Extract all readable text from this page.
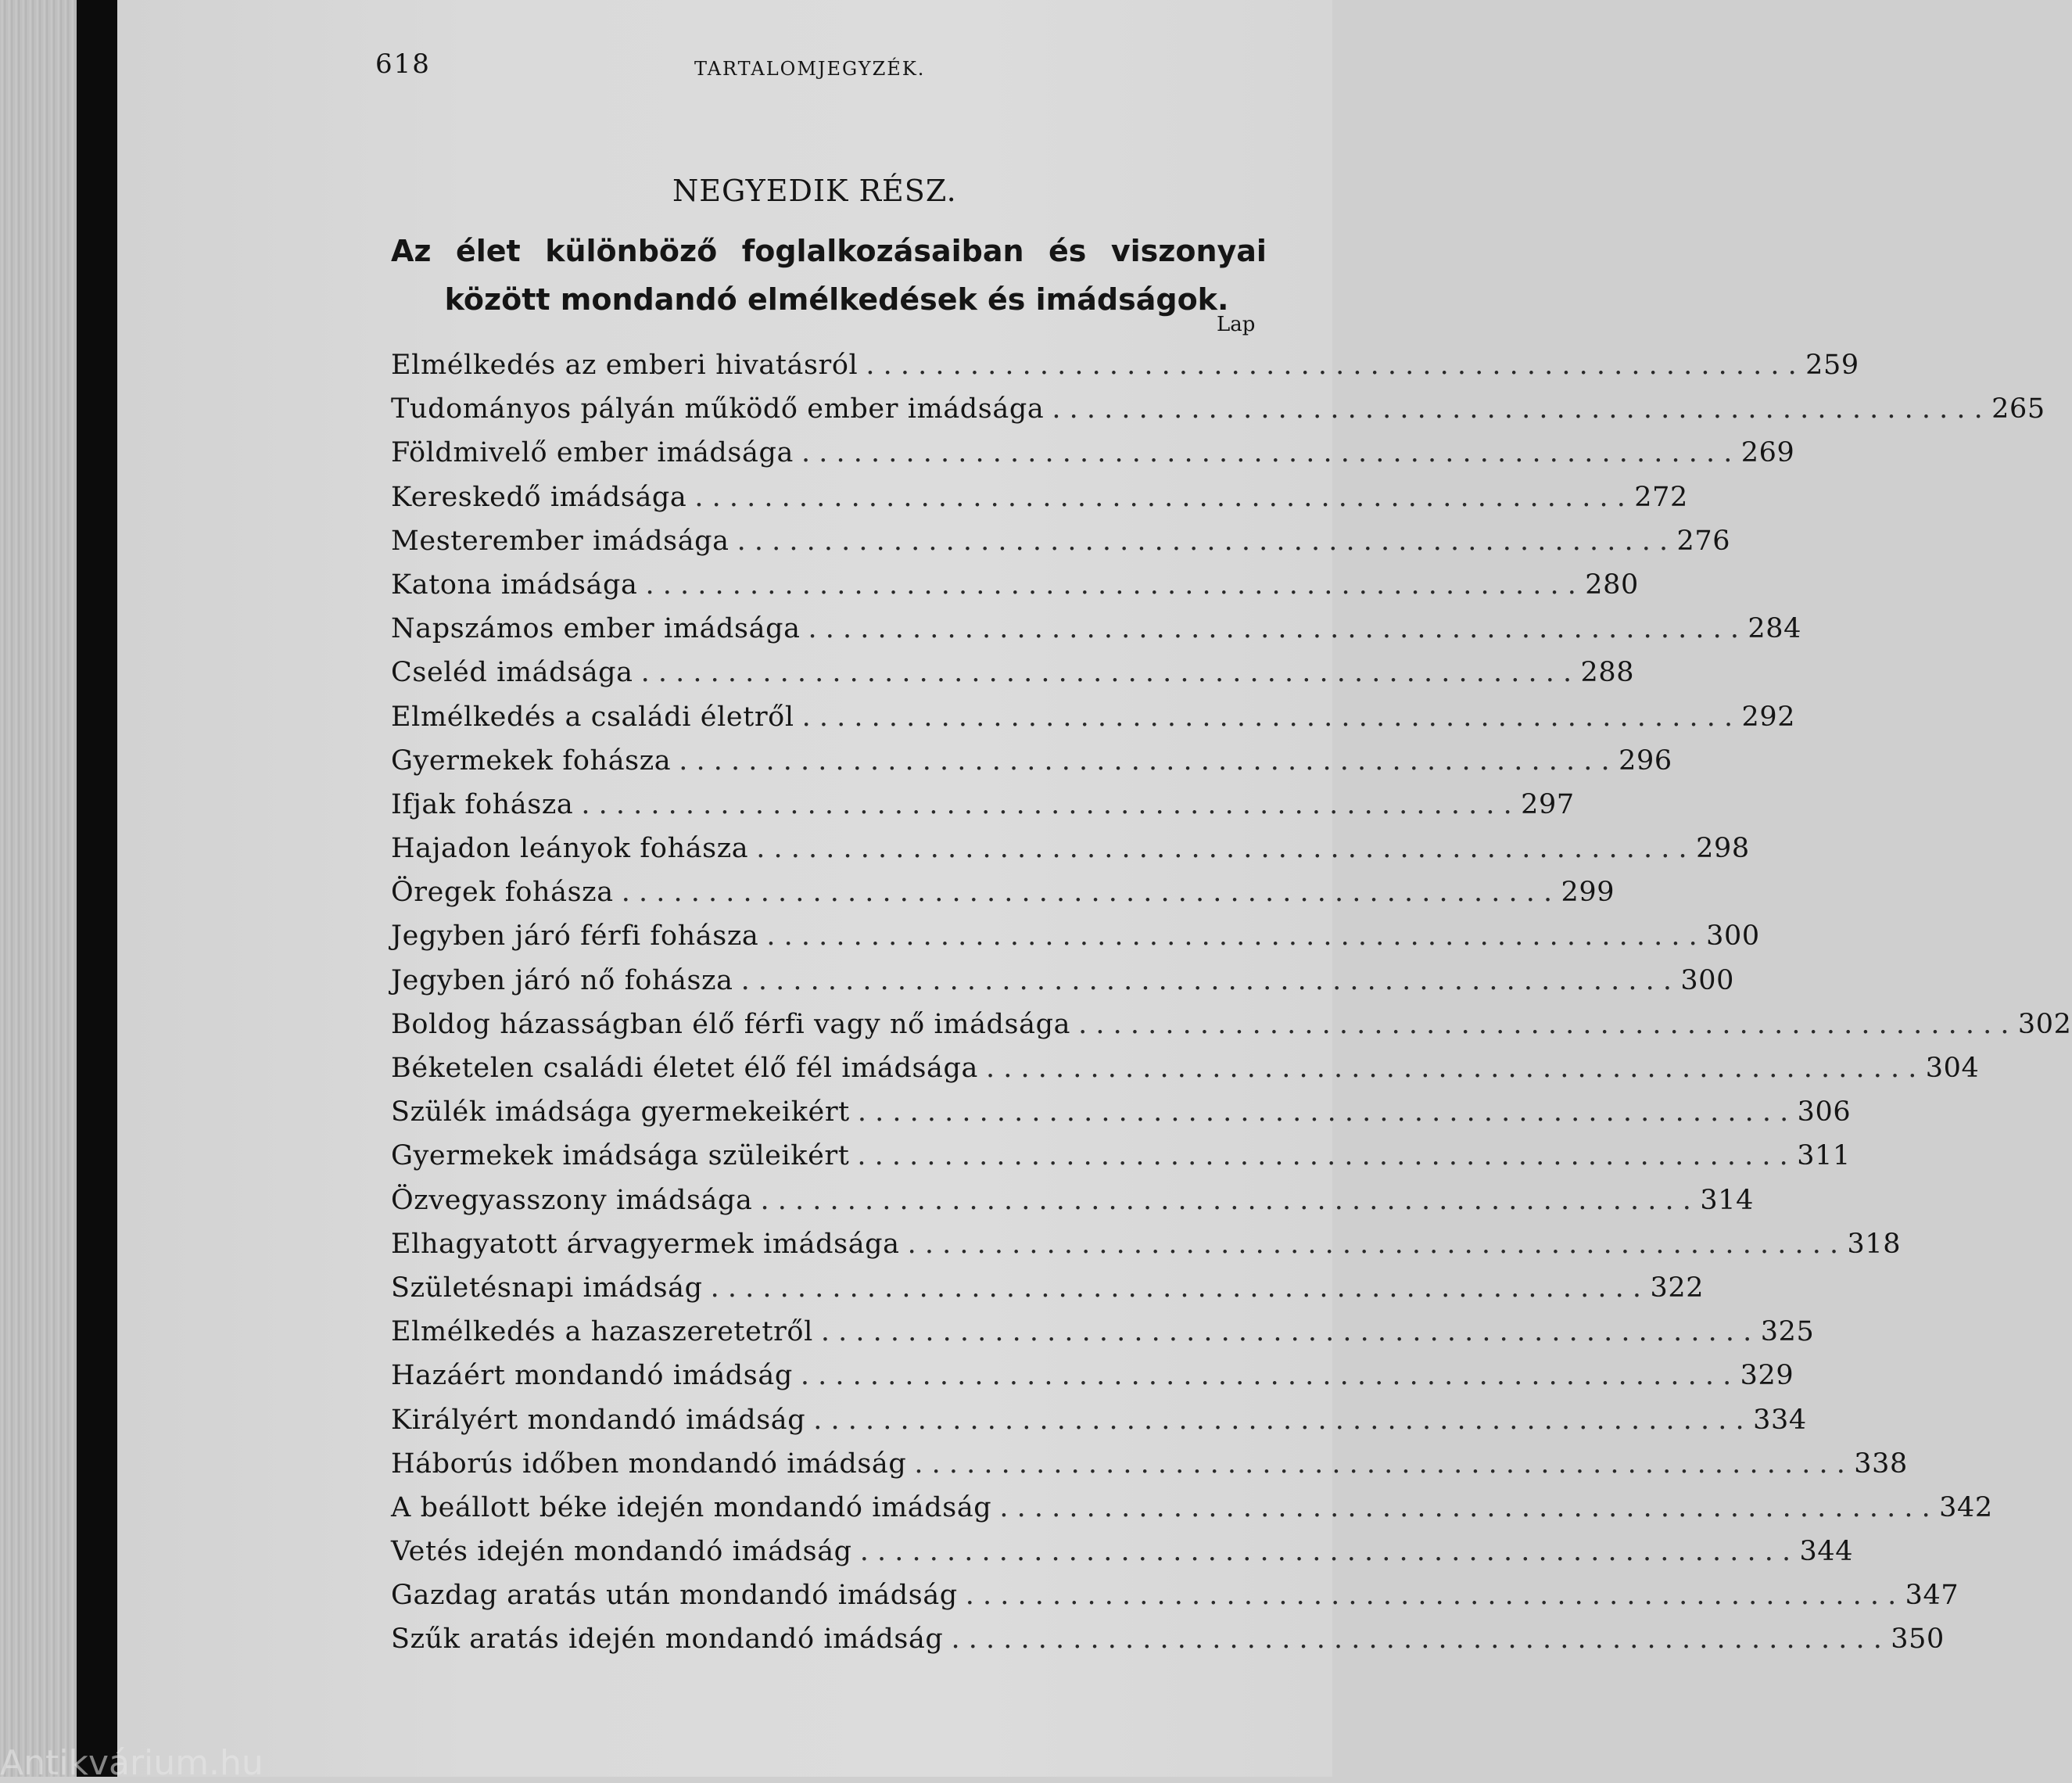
618	TARTALOMJEGYZÉK.
NEGYEDIK RÉSZ.
Az élet különböző foglalkozásaiban és viszonyai
között mondandó elmélkedések és imádságok.
Lap
Elmélkedés az emberi hivatásról . . . . . . . . . . . . . . . . . . . . . . . . . . . . . . . . . . . . . . . . . . . . . . . . . . . . . . 259
Tudományos pályán működő ember imádsága . . . . . . . . . . . . . . . . . . . . . . . . . . . . . . . . . . . . . . . . . . . . . . . . . . . . . . 265
Földmivelő ember imádsága . . . . . . . . . . . . . . . . . . . . . . . . . . . . . . . . . . . . . . . . . . . . . . . . . . . . . . 269
Kereskedő imádsága . . . . . . . . . . . . . . . . . . . . . . . . . . . . . . . . . . . . . . . . . . . . . . . . . . . . . . 272
Mesterember imádsága . . . . . . . . . . . . . . . . . . . . . . . . . . . . . . . . . . . . . . . . . . . . . . . . . . . . . . 276
Katona imádsága . . . . . . . . . . . . . . . . . . . . . . . . . . . . . . . . . . . . . . . . . . . . . . . . . . . . . . 280
Napszámos ember imádsága . . . . . . . . . . . . . . . . . . . . . . . . . . . . . . . . . . . . . . . . . . . . . . . . . . . . . . 284
Cseléd imádsága . . . . . . . . . . . . . . . . . . . . . . . . . . . . . . . . . . . . . . . . . . . . . . . . . . . . . . 288
Elmélkedés a családi életről . . . . . . . . . . . . . . . . . . . . . . . . . . . . . . . . . . . . . . . . . . . . . . . . . . . . . . 292
Gyermekek fohásza . . . . . . . . . . . . . . . . . . . . . . . . . . . . . . . . . . . . . . . . . . . . . . . . . . . . . . 296
Ifjak fohásza . . . . . . . . . . . . . . . . . . . . . . . . . . . . . . . . . . . . . . . . . . . . . . . . . . . . . . 297
Hajadon leányok fohásza . . . . . . . . . . . . . . . . . . . . . . . . . . . . . . . . . . . . . . . . . . . . . . . . . . . . . . 298
Öregek fohásza . . . . . . . . . . . . . . . . . . . . . . . . . . . . . . . . . . . . . . . . . . . . . . . . . . . . . . 299
Jegyben járó férfi fohásza . . . . . . . . . . . . . . . . . . . . . . . . . . . . . . . . . . . . . . . . . . . . . . . . . . . . . . 300
Jegyben járó nő fohásza . . . . . . . . . . . . . . . . . . . . . . . . . . . . . . . . . . . . . . . . . . . . . . . . . . . . . . 300
Boldog házasságban élő férfi vagy nő imádsága . . . . . . . . . . . . . . . . . . . . . . . . . . . . . . . . . . . . . . . . . . . . . . . . . . . . . . 302
Béketelen családi életet élő fél imádsága . . . . . . . . . . . . . . . . . . . . . . . . . . . . . . . . . . . . . . . . . . . . . . . . . . . . . . 304
Szülék imádsága gyermekeikért . . . . . . . . . . . . . . . . . . . . . . . . . . . . . . . . . . . . . . . . . . . . . . . . . . . . . . 306
Gyermekek imádsága szüleikért . . . . . . . . . . . . . . . . . . . . . . . . . . . . . . . . . . . . . . . . . . . . . . . . . . . . . . 311
Özvegyasszony imádsága . . . . . . . . . . . . . . . . . . . . . . . . . . . . . . . . . . . . . . . . . . . . . . . . . . . . . . 314
Elhagyatott árvagyermek imádsága . . . . . . . . . . . . . . . . . . . . . . . . . . . . . . . . . . . . . . . . . . . . . . . . . . . . . . 318
Születésnapi imádság . . . . . . . . . . . . . . . . . . . . . . . . . . . . . . . . . . . . . . . . . . . . . . . . . . . . . . 322
Elmélkedés a hazaszeretetről . . . . . . . . . . . . . . . . . . . . . . . . . . . . . . . . . . . . . . . . . . . . . . . . . . . . . . 325
Hazáért mondandó imádság . . . . . . . . . . . . . . . . . . . . . . . . . . . . . . . . . . . . . . . . . . . . . . . . . . . . . . 329
Királyért mondandó imádság . . . . . . . . . . . . . . . . . . . . . . . . . . . . . . . . . . . . . . . . . . . . . . . . . . . . . . 334
Háborús időben mondandó imádság . . . . . . . . . . . . . . . . . . . . . . . . . . . . . . . . . . . . . . . . . . . . . . . . . . . . . . 338
A beállott béke idején mondandó imádság . . . . . . . . . . . . . . . . . . . . . . . . . . . . . . . . . . . . . . . . . . . . . . . . . . . . . . 342
Vetés idején mondandó imádság . . . . . . . . . . . . . . . . . . . . . . . . . . . . . . . . . . . . . . . . . . . . . . . . . . . . . . 344
Gazdag aratás után mondandó imádság . . . . . . . . . . . . . . . . . . . . . . . . . . . . . . . . . . . . . . . . . . . . . . . . . . . . . . 347
Szűk aratás idején mondandó imádság . . . . . . . . . . . . . . . . . . . . . . . . . . . . . . . . . . . . . . . . . . . . . . . . . . . . . . 350
Antikvárium.hu
